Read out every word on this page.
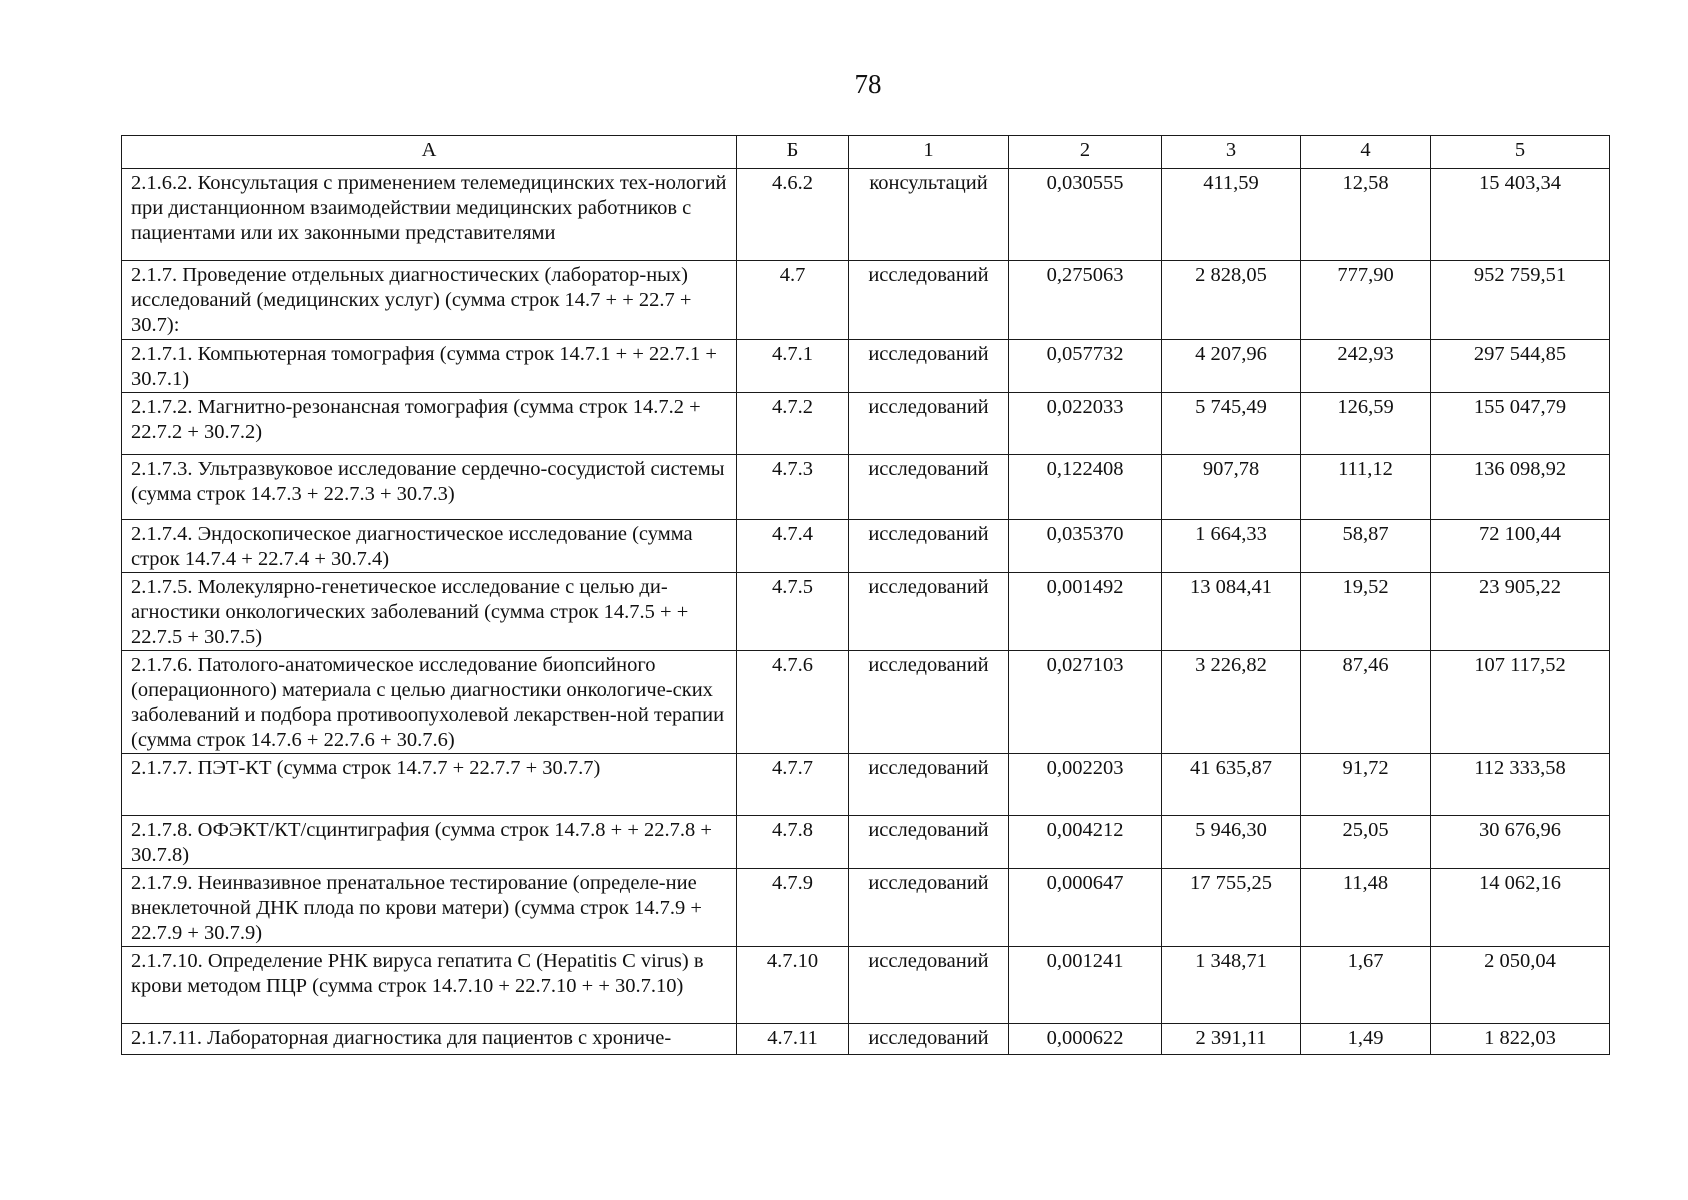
78
А	Б	1	2	3	4	5
2.1.6.2. Консультация с применением телемедицинских тех-нологий при дистанционном взаимодействии медицинских работников с пациентами или их законными представителями	4.6.2	консультаций	0,030555	411,59	12,58	15 403,34
2.1.7. Проведение отдельных диагностических (лаборатор-ных) исследований (медицинских услуг) (сумма строк 14.7 + + 22.7 + 30.7):	4.7	исследований	0,275063	2 828,05	777,90	952 759,51
2.1.7.1. Компьютерная томография (сумма строк 14.7.1 + + 22.7.1 + 30.7.1)	4.7.1	исследований	0,057732	4 207,96	242,93	297 544,85
2.1.7.2. Магнитно-резонансная томография (сумма строк 14.7.2 + 22.7.2 + 30.7.2)	4.7.2	исследований	0,022033	5 745,49	126,59	155 047,79
2.1.7.3. Ультразвуковое исследование сердечно-сосудистой системы (сумма строк 14.7.3 + 22.7.3 + 30.7.3)	4.7.3	исследований	0,122408	907,78	111,12	136 098,92
2.1.7.4. Эндоскопическое диагностическое исследование (сумма строк 14.7.4 + 22.7.4 + 30.7.4)	4.7.4	исследований	0,035370	1 664,33	58,87	72 100,44
2.1.7.5. Молекулярно-генетическое исследование с целью ди-агностики онкологических заболеваний (сумма строк 14.7.5 + + 22.7.5 + 30.7.5)	4.7.5	исследований	0,001492	13 084,41	19,52	23 905,22
2.1.7.6. Патолого-анатомическое исследование биопсийного (операционного) материала с целью диагностики онкологиче-ских заболеваний и подбора противоопухолевой лекарствен-ной терапии (сумма строк 14.7.6 + 22.7.6 + 30.7.6)	4.7.6	исследований	0,027103	3 226,82	87,46	107 117,52
2.1.7.7. ПЭТ-КТ (сумма строк 14.7.7 + 22.7.7 + 30.7.7)	4.7.7	исследований	0,002203	41 635,87	91,72	112 333,58
2.1.7.8. ОФЭКТ/КТ/сцинтиграфия (сумма строк 14.7.8 + + 22.7.8 + 30.7.8)	4.7.8	исследований	0,004212	5 946,30	25,05	30 676,96
2.1.7.9. Неинвазивное пренатальное тестирование (определе-ние внеклеточной ДНК плода по крови матери) (сумма строк 14.7.9 + 22.7.9 + 30.7.9)	4.7.9	исследований	0,000647	17 755,25	11,48	14 062,16
2.1.7.10. Определение РНК вируса гепатита C (Hepatitis C virus) в крови методом ПЦР (сумма строк 14.7.10 + 22.7.10 + + 30.7.10)	4.7.10	исследований	0,001241	1 348,71	1,67	2 050,04
2.1.7.11. Лабораторная диагностика для пациентов с хрониче-	4.7.11	исследований	0,000622	2 391,11	1,49	1 822,03
